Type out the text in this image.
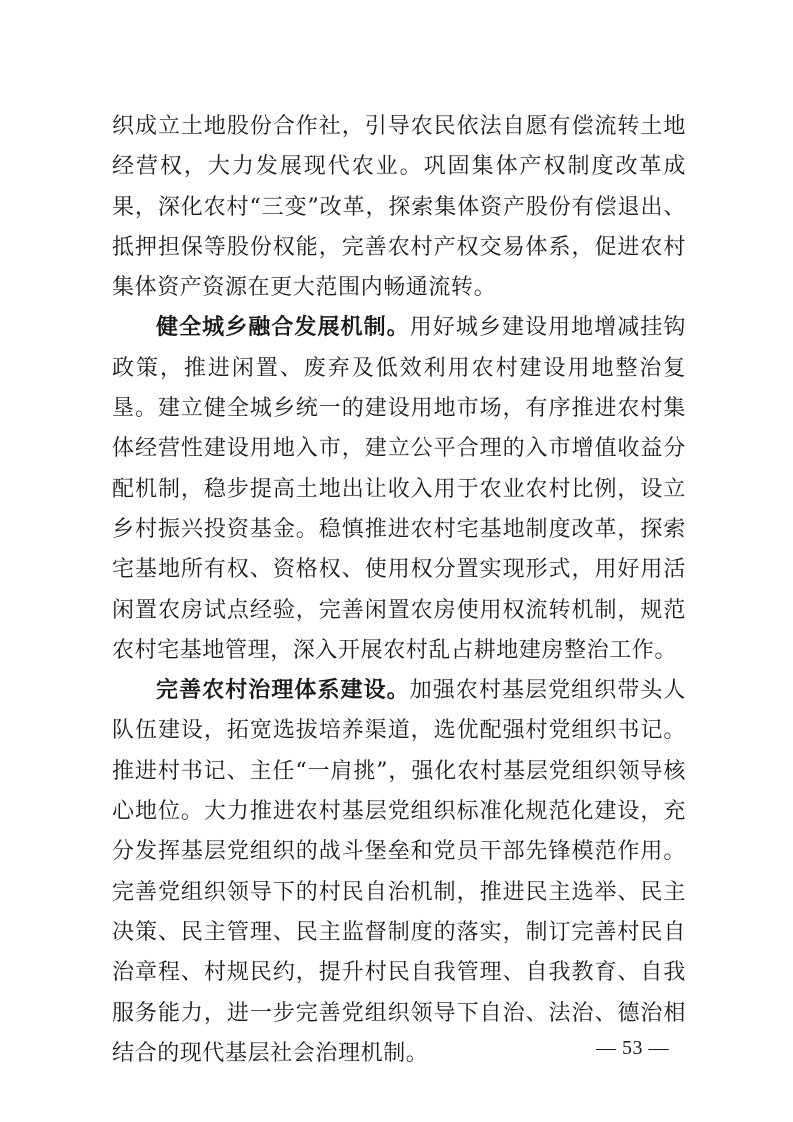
织成立土地股份合作社，引导农民依法自愿有偿流转土地经营权，大力发展现代农业。巩固集体产权制度改革成果，深化农村“三变”改革，探索集体资产股份有偿退出、抵押担保等股份权能，完善农村产权交易体系，促进农村集体资产资源在更大范围内畅通流转。

健全城乡融合发展机制。用好城乡建设用地增减挂钩政策，推进闲置、废弃及低效利用农村建设用地整治复垦。建立健全城乡统一的建设用地市场，有序推进农村集体经营性建设用地入市，建立公平合理的入市增值收益分配机制，稳步提高土地出让收入用于农业农村比例，设立乡村振兴投资基金。稳慎推进农村宅基地制度改革，探索宅基地所有权、资格权、使用权分置实现形式，用好用活闲置农房试点经验，完善闲置农房使用权流转机制，规范农村宅基地管理，深入开展农村乱占耕地建房整治工作。

完善农村治理体系建设。加强农村基层党组织带头人队伍建设，拓宽选拔培养渠道，选优配强村党组织书记。推进村书记、主任“一肩挑”，强化农村基层党组织领导核心地位。大力推进农村基层党组织标准化规范化建设，充分发挥基层党组织的战斗堡垒和党员干部先锋模范作用。完善党组织领导下的村民自治机制，推进民主选举、民主决策、民主管理、民主监督制度的落实，制订完善村民自治章程、村规民约，提升村民自我管理、自我教育、自我服务能力，进一步完善党组织领导下自治、法治、德治相结合的现代基层社会治理机制。	— 53 —
